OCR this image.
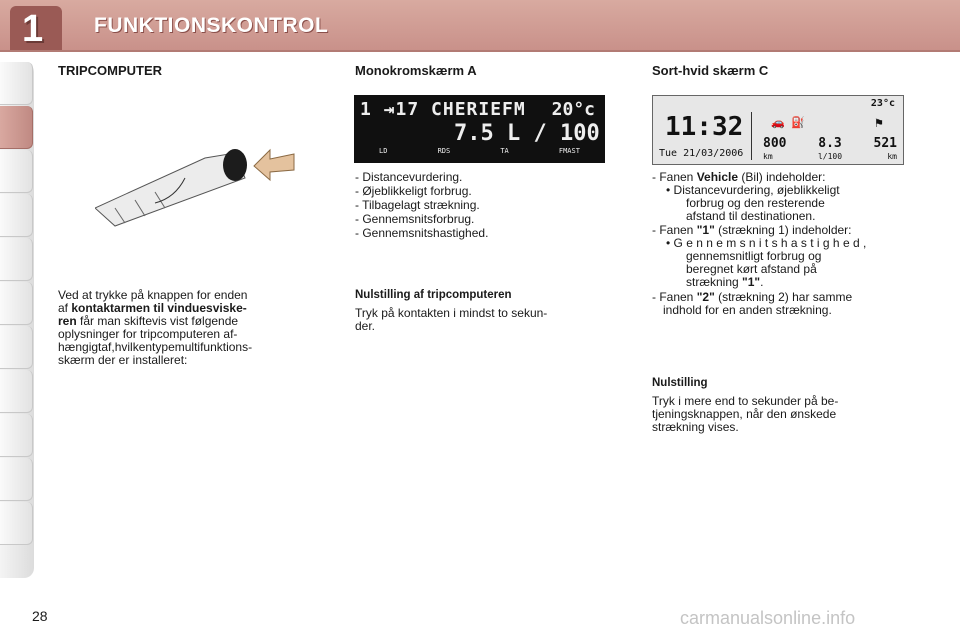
1 FUNKTIONSKONTROL
TRIPCOMPUTER
Ved at trykke på knappen for enden
af kontaktarmen til vinduesviske-
ren får man skiftevis vist følgende
oplysninger for tripcomputeren af-
hængigtaf,hvilkentypemultifunktions-
skærm der er installeret:
Monokromskærm A
1 ⇥17 CHERIEFM 20°c
7.5 L / 100
LD	RDS	TA	FMAST
- Distancevurdering.
- Øjeblikkeligt forbrug.
- Tilbagelagt strækning.
- Gennemsnitsforbrug.
- Gennemsnitshastighed.
Nulstilling af tripcomputeren
Tryk på kontakten i mindst to sekun-
der.
Sort-hvid skærm C
23°c
11:32
Tue 21/03/2006
🚗 ⛽	⚑
800 8.3 521
km	l/100	km
- Fanen Vehicle (Bil) indeholder:
• Distancevurdering, øjeblikkeligt
forbrug og den resterende
afstand til destinationen.
- Fanen "1" (strækning 1) indeholder:
• G e n n e m s n i t s h a s t i g h e d ,
gennemsnitligt forbrug og
beregnet kørt afstand på
strækning "1".
- Fanen "2" (strækning 2) har samme
indhold for en anden strækning.
Nulstilling
Tryk i mere end to sekunder på be-
tjeningsknappen, når den ønskede
strækning vises.
28	carmanualsonline.info
